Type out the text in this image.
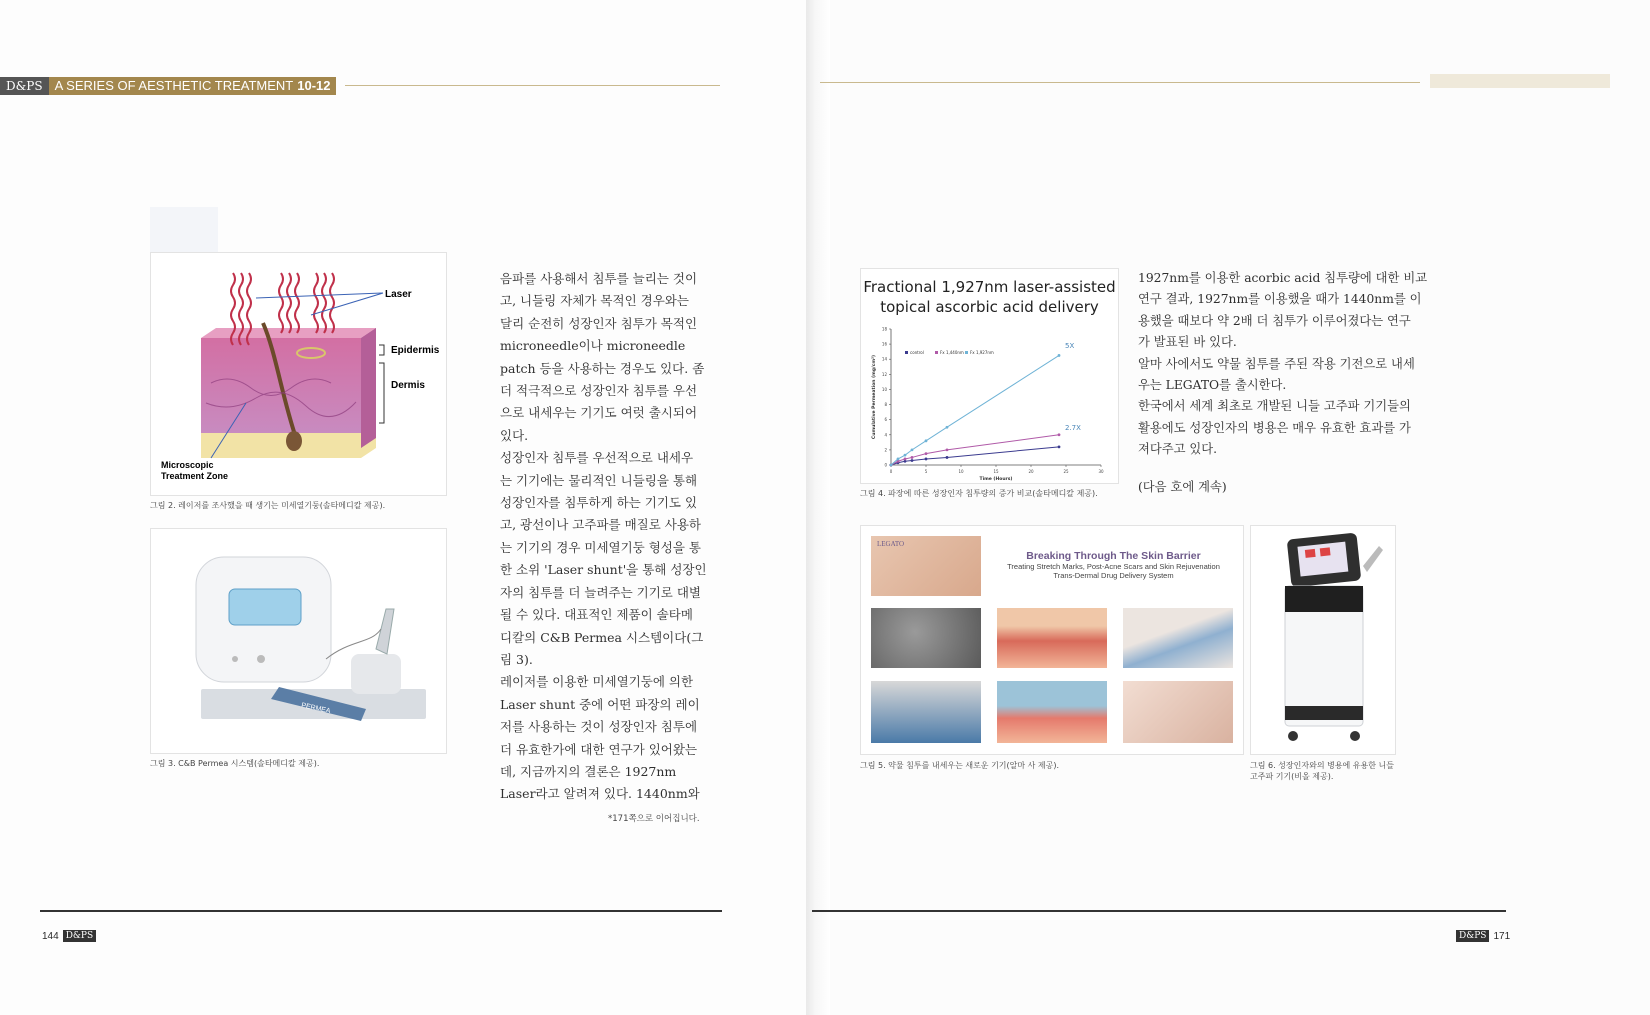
D&PS A SERIES OF AESTHETIC TREATMENT 10-12
Laser
Epidermis
Dermis
Microscopic
Treatment Zone
그림 2. 레이저를 조사했을 때 생기는 미세열기둥(솔타메디칼 제공).
PERMEA
그림 3. C&B Permea 시스템(솔타메디칼 제공).

음파를 사용해서 침투를 늘리는 것이

고, 니들링 자체가 목적인 경우와는

달리 순전히 성장인자 침투가 목적인

microneedle이나 microneedle

patch 등을 사용하는 경우도 있다. 좀

더 적극적으로 성장인자 침투를 우선

으로 내세우는 기기도 여럿 출시되어

있다.

성장인자 침투를 우선적으로 내세우

는 기기에는 물리적인 니들링을 통해

성장인자를 침투하게 하는 기기도 있

고, 광선이나 고주파를 매질로 사용하

는 기기의 경우 미세열기둥 형성을 통

한 소위 'Laser shunt'을 통해 성장인

자의 침투를 더 늘려주는 기기로 대별

될 수 있다. 대표적인 제품이 솔타메

디칼의 C&B Permea 시스템이다(그

림 3).

레이저를 이용한 미세열기둥에 의한

Laser shunt 중에 어떤 파장의 레이

저를 사용하는 것이 성장인자 침투에

더 유효한가에 대한 연구가 있어왔는

데, 지금까지의 결론은 1927nm

Laser라고 알려져 있다. 1440nm와

*171쪽으로 이어집니다.
144 D&PS
Fractional 1,927nm laser-assisted topical ascorbic acid delivery
0	5	10	15	20	25	30
0
2
4
6
8
10
12
14
16
18
Time (Hours)
Cumulative Permeation (mg/cm²)
control	Fx 1,440nm Fx 1,927nm
5X
2.7X
그림 4. 파장에 따른 성장인자 침투량의 증가 비교(솔타메디칼 제공).

1927nm를 이용한 acorbic acid 침투량에 대한 비교

연구 결과, 1927nm를 이용했을 때가 1440nm를 이

용했을 때보다 약 2배 더 침투가 이루어졌다는 연구

가 발표된 바 있다.

알마 사에서도 약물 침투를 주된 작용 기전으로 내세

우는 LEGATO를 출시한다.

한국에서 세계 최초로 개발된 니들 고주파 기기들의

활용에도 성장인자의 병용은 매우 유효한 효과를 가

져다주고 있다.

(다음 호에 계속)

LEGATO
Breaking Through The Skin Barrier
Treating Stretch Marks, Post-Acne Scars and Skin Rejuvenation
Trans-Dermal Drug Delivery System
그림 5. 약물 침투를 내세우는 새로운 기기(알마 사 제공).	그림 6. 성장인자와의 병용에 유용한 니들
고주파 기기(비올 제공).
D&PS 171
